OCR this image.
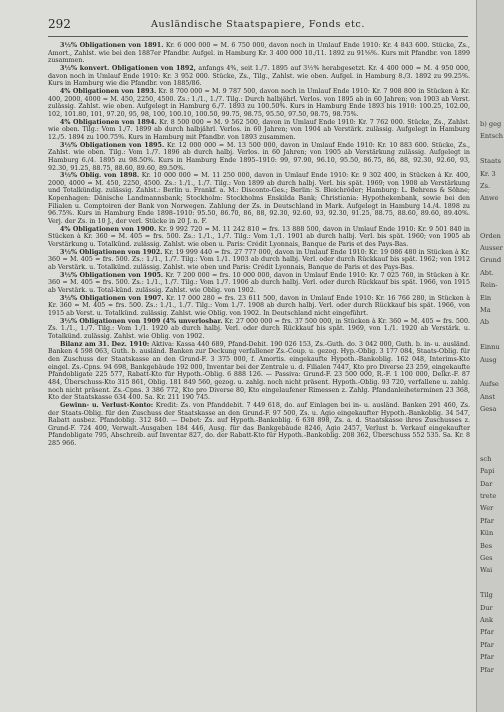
292	Ausländische Staatspapiere, Fonds etc.

3½% Obligationen von 1891. Kr. 6 000 000 = M. 6 750 000, davon noch in Umlauf Ende 1910: Kr. 4 843 600. Stücke, Zs., Amort., Zahlst. wie bei den 1887er Pfandbr. Aufgel. in Hamburg Kr. 3 400 000 10./11. 1892 zu 91⅝%. Kurs mit Pfandbr. von 1899 zusammen.

3½% konvert. Obligationen von 1892, anfangs 4%, seit 1./7. 1895 auf 3½% herabgesetzt. Kr. 4 400 000 = M. 4 950 000, davon noch in Umlauf Ende 1910: Kr. 3 952 000. Stücke, Zs., Tilg., Zahlst. wie oben. Aufgel. in Hamburg 8./3. 1892 zu 99.25%. Kurs in Hamburg wie die Pfandbr. von 1885/86.

4% Obligationen von 1893. Kr. 8 700 000 = M. 9 787 500, davon noch in Umlauf Ende 1910: Kr. 7 908 800 in Stücken à Kr. 400, 2000, 4000 = M. 450, 2250, 4500. Zs.: 1./1., 1./7. Tilg.: Durch halbjährl. Verlos. von 1895 ab in 60 Jahren; von 1903 ab Verst. zulässig. Zahlst. wie oben. Aufgelegt in Hamburg 6./7. 1893 zu 100.50%. Kurs in Hamburg Ende 1893 bis 1910: 100.25, 102.00, 102, 101.80, 101, 97.20, 95, 98, 100, 100.10, 100.50, 99.75, 98.75, 95.50, 97.50, 98.75, 98.75%.

4% Obligationen von 1894. Kr. 8 500 000 = M. 9 562 500, davon in Umlauf Ende 1910: Kr. 7 762 000. Stücke, Zs., Zahlst. wie oben. Tilg.: Vom 1./7. 1899 ab durch halbjährl. Verlos. in 60 Jahren; von 1904 ab Verstärk. zulässig. Aufgelegt in Hamburg 12./5. 1894 zu 100.75%. Kurs in Hamburg mit Pfandbr. von 1893 zusammen.

3½% Obligationen von 1895. Kr. 12 000 000 = M. 13 500 000, davon in Umlauf Ende 1910: Kr. 10 883 600. Stücke, Zs., Zahlst. wie oben. Tilg.: Vom 1./7. 1896 ab durch halbj. Verlos. in 60 Jahren; von 1905 ab Verstärkung zulässig. Aufgelegt in Hamburg 6./4. 1895 zu 98.50%. Kurs in Hamburg Ende 1895–1910: 99, 97.90, 96.10, 95.50, 86.75, 86, 88, 92.30, 92.60, 93, 92.30, 91.25, 88.75, 88.60, 89.60, 89.50%.

3½% Oblig. von 1898. Kr. 10 000 000 = M. 11 250 000, davon in Umlauf Ende 1910: Kr. 9 302 400, in Stücken à Kr. 400, 2000, 4000 = M. 450, 2250, 4500. Zs.: 1./1., 1./7. Tilg.: Von 1899 ab durch halbj. Verl. bis spät. 1969; von 1908 ab Verstärkung und Totalkündig. zulässig. Zahlst.: Berlin u. Frankf. a. M.: Disconto-Ges.; Berlin: S. Bleichröder; Hamburg: L. Behrens & Söhne; Kopenhagen: Dänische Landmannsbank; Stockholm: Stockholms Enskilda Bank; Christiania: Hypothekenbank, sowie bei den Filialen u. Comptoiren der Bank von Norwegen. Zahlung der Zs. in Deutschland in Mark. Aufgelegt in Hamburg 14./4. 1898 zu 96.75%. Kurs in Hamburg Ende 1898–1910: 95.50, 86.70, 86, 88, 92.30, 92.60, 93, 92.30, 91.25, 88.75, 88.60, 89.60, 89.40%. Verj. der Zs. in 10 J., der verl. Stücke in 20 J. n. F.

4% Obligationen von 1900. Kr. 9 992 720 = M. 11 242 810 = frs. 13 888 500, davon in Umlauf Ende 1910: Kr. 9 501 840 in Stücken à Kr. 360 = M. 405 = frs. 500. Zs.: 1./1., 1./7. Tilg.: Vom 1./1. 1901 ab durch halbj. Verl. bis spät. 1960; von 1905 ab Verstärkung u. Totalkünd. zulässig. Zahlst. wie oben u. Paris: Crédit Lyonnais, Banque de Paris et des Pays-Bas.

3½% Obligationen von 1902. Kr. 19 999 440 = frs. 27 777 000, davon in Umlauf Ende 1910: Kr. 19 086 480 in Stücken à Kr. 360 = M. 405 = frs. 500. Zs.: 1./1., 1./7. Tilg.: Vom 1./1. 1903 ab durch halbj. Verl. oder durch Rückkauf bis spät. 1962; von 1912 ab Verstärk. u. Totalkünd. zulässig. Zahlst. wie oben und Paris: Crédit Lyonnais, Banque de Paris et des Pays-Bas.

3½% Obligationen von 1905. Kr. 7 200 000 = frs. 10 000 000, davon in Umlauf Ende 1910: Kr. 7 025 760, in Stücken à Kr. 360 = M. 405 = frs. 500. Zs.: 1./1., 1./7. Tilg.: Vom 1./7. 1906 ab durch halbj. Verl. oder durch Rückkauf bis spät. 1966, von 1915 ab Verstärk. u. Total-künd. zulässig. Zahlst. wie Oblig. von 1902.

3½% Obligationen von 1907. Kr. 17 000 280 = frs. 23 611 500, davon in Umlauf Ende 1910: Kr. 16 766 280, in Stücken à Kr. 360 = M. 405 = frs. 500. Zs.: 1./1., 1./7. Tilg.: Vom 1./7. 1908 ab durch halbj. Verl. oder durch Rückkauf bis spät. 1966, von 1915 ab Verst. u. Totalkünd. zulässig. Zahlst. wie Oblig. von 1902. In Deutschland nicht eingeführt.

3½% Obligationen von 1909 (4% unverlosbar. Kr. 27 000 000 = frs. 37 500 000, in Stücken à Kr. 360 = M. 405 = frs. 500. Zs. 1./1., 1./7. Tilg.: Vom 1./1. 1920 ab durch halbj. Verl. oder durch Rückkauf bis spät. 1969, von 1./1. 1920 ab Verstärk. u. Totalkünd. zulässig. Zahlst. wie Oblig. von 1902.

Bilanz am 31. Dez. 1910: Aktiva: Kassa 440 689, Pfand-Debit. 190 026 153, Zs.-Guth. do. 3 042 000, Guth. b. in- u. ausländ. Banken 4 598 063, Guth. b. ausländ. Banken zur Deckung verfallener Zs.-Coup. u. gezog. Hyp.-Oblig. 3 177 084, Staats-Oblig. für den Zuschuss der Staatskasse an den Grund-F. 3 375 000, f. Amortis. eingekaufte Hypoth.-Bankoblig. 162 048, Interims-Kto eingel. Zs.-Cpns. 94 698, Bankgebäude 192 000, Inventar bei der Zentrale u. d. Filialen 7447, Kto pro Diverse 23 259, eingekaufte Pfandobligate 225 577, Rabatt-Kto für Hypoth.-Oblig. 6 888 126. — Passiva: Grund-F. 23 500 000, R.-F. 1 100 000, Delkr.-F. 87 484, Überschuss-Kto 315 861, Oblig. 181 849 560, gezog. u. zahlg. noch nicht präsent. Hypoth.-Oblig. 93 720, verfallene u. zahlg. noch nicht präsent. Zs.-Cpns. 3 386 772, Kto pro Diverse 80, Kto eingelaufener Rimessen z. Zahlg. Pfandanleiheterminen 23 368, Kto der Staatskasse 634 400. Sa. Kr. 211 190 745.

Gewinn- u. Verlust-Konto: Kredit: Zs. von Pfanddebit. 7 449 618, do. auf Einlagen bei in- u. ausländ. Banken 291 460, Zs. der Staats-Oblig. für den Zuschuss der Staatskasse an den Grund-F. 97 500, Zs. u. Agio eingekaufter Hypoth.-Bankoblig. 34 547, Rabatt ausbez. Pfandoblig. 312 840. — Debet: Zs. auf Hypoth.-Bankoblig. 6 638 898, Zs. a. d. Staatskasse ihres Zuschusses z. Grund-F. 724 400, Verwalt.-Ausgaben 184 446, Ausg. für das Bankgebäude 8246, Agio 2457, Verlust b. Verkauf eingekaufter Pfandobligate 795, Abschreib. auf Inventar 827, do. der Rabatt-Kto für Hypoth.-Bankoblig. 208 362, Überschuss 552 535. Sa. Kr. 8 285 966.

b) geg
Entsch
Staats
Kr. 3
Zs.
Anwe
Orden
Ausser
Grund
Abt.
Rein-
Ein
Ma
Ab
Einnu
Ausg
Aufse
Anst
Gesa
sch
Papi
Dar
trete
Wer
Pfar
Kün
Bes
Ges
Wai
Tilg
Dur
Ank
Pfar
Pfar
Pfar
Pfar
